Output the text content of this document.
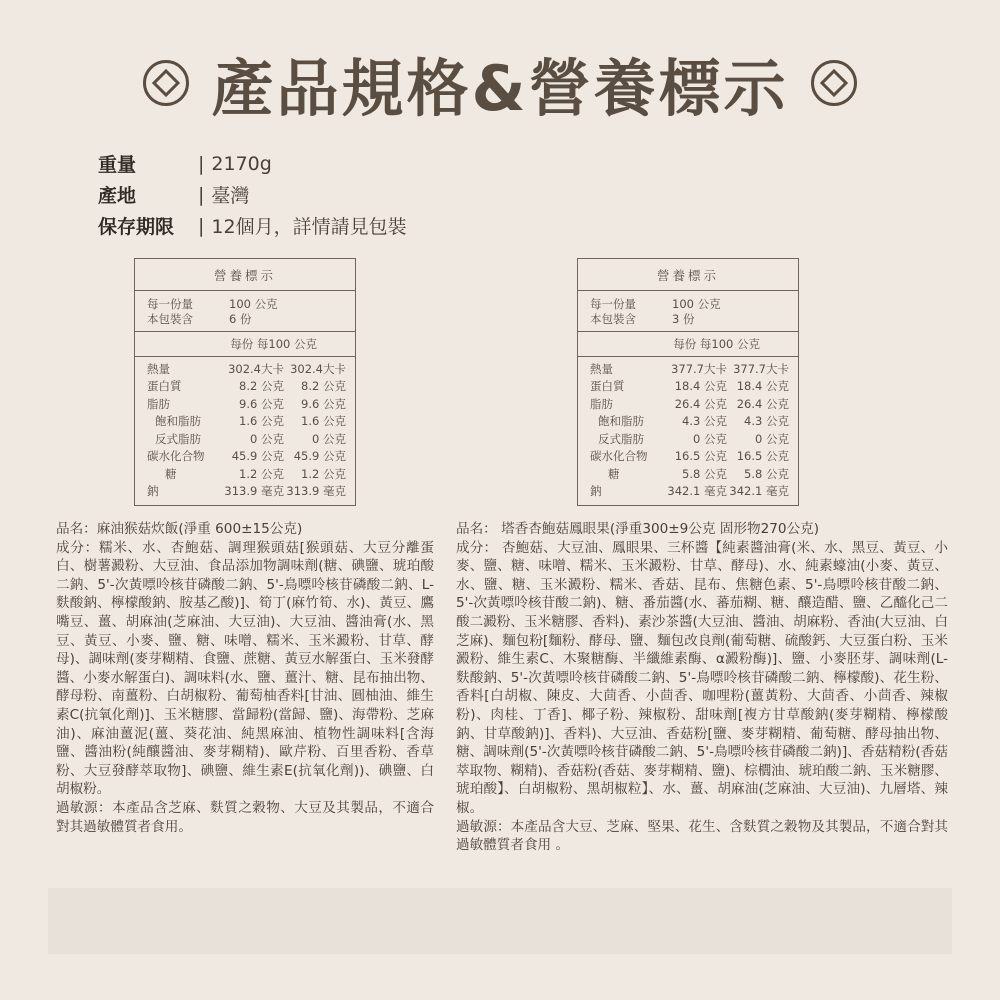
產品規格&營養標示
重量	| 2170g
產地	| 臺灣
保存期限	| 12個月，詳情請見包裝
營養標示
每一份量	100 公克
本包裝含	6 份
每份 每100 公克
熱量	302.4大卡 302.4大卡
蛋白質	8.2 公克	8.2 公克
脂肪	9.6 公克	9.6 公克
飽和脂肪	1.6 公克	1.6 公克
反式脂肪	0 公克	0 公克
碳水化合物	45.9 公克 45.9 公克
糖	1.2 公克	1.2 公克
鈉	313.9 毫克 313.9 毫克
營養標示
每一份量	100 公克
本包裝含	3 份
每份 每100 公克
熱量	377.7大卡 377.7大卡
蛋白質	18.4 公克 18.4 公克
脂肪	26.4 公克 26.4 公克
飽和脂肪	4.3 公克	4.3 公克
反式脂肪	0 公克	0 公克
碳水化合物	16.5 公克 16.5 公克
糖	5.8 公克	5.8 公克
鈉	342.1 毫克 342.1 毫克

品名：麻油猴菇炊飯(淨重 600±15公克)

成分：糯米、水、杏鮑菇、調理猴頭菇[猴頭菇、大豆分離蛋白、樹薯澱粉、大豆油、食品添加物調味劑(糖、碘鹽、琥珀酸二鈉、5'-次黃嘌呤核苷磷酸二鈉、5'-鳥嘌呤核苷磷酸二鈉、L-麩酸鈉、檸檬酸鈉、胺基乙酸)]、筍丁(麻竹筍、水)、黃豆、鷹嘴豆、薑、胡麻油(芝麻油、大豆油)、大豆油、醬油膏(水、黑豆、黃豆、小麥、鹽、糖、味噌、糯米、玉米澱粉、甘草、酵母)、調味劑(麥芽糊精、食鹽、蔗糖、黃豆水解蛋白、玉米發酵醬、小麥水解蛋白)、調味料(水、鹽、薑汁、糖、昆布抽出物、酵母粉、南薑粉、白胡椒粉、葡萄柚香料[甘油、圓柚油、維生素C(抗氧化劑)]、玉米糖膠、當歸粉(當歸、鹽)、海帶粉、芝麻油)、麻油薑泥(薑、葵花油、純黑麻油、植物性調味料[含海鹽、醬油粉(純釀醬油、麥芽糊精)、歐芹粉、百里香粉、香草粉、大豆發酵萃取物]、碘鹽、維生素E(抗氧化劑))、碘鹽、白胡椒粉。

過敏源：本產品含芝麻、麩質之穀物、大豆及其製品，不適合對其過敏體質者食用。

品名： 塔香杏鮑菇鳳眼果(淨重300±9公克 固形物270公克)

成分： 杏鮑菇、大豆油、鳳眼果、三杯醬【純素醬油膏(米、水、黑豆、黃豆、小麥、鹽、糖、味噌、糯米、玉米澱粉、甘草、酵母)、水、純素蠔油(小麥、黃豆、水、鹽、糖、玉米澱粉、糯米、香菇、昆布、焦糖色素、5'-鳥嘌呤核苷酸二鈉、5'-次黃嘌呤核苷酸二鈉)、糖、番茄醬(水、蕃茄糊、糖、釀造醋、鹽、乙醯化己二酸二澱粉、玉米糖膠、香料)、素沙茶醬(大豆油、醬油、胡麻粉、香油(大豆油、白芝麻)、麵包粉[麵粉、酵母、鹽、麵包改良劑(葡萄糖、硫酸鈣、大豆蛋白粉、玉米澱粉、維生素C、木聚糖酶、半纖維素酶、α澱粉酶)]、鹽、小麥胚芽、調味劑(L-麩酸鈉、5'-次黃嘌呤核苷磷酸二鈉、5'-鳥嘌呤核苷磷酸二鈉、檸檬酸)、花生粉、香料[白胡椒、陳皮、大茴香、小茴香、咖哩粉(薑黃粉、大茴香、小茴香、辣椒粉)、肉桂、丁香]、椰子粉、辣椒粉、甜味劑[複方甘草酸鈉(麥芽糊精、檸檬酸鈉、甘草酸鈉)]、香料)、大豆油、香菇粉[鹽、麥芽糊精、葡萄糖、酵母抽出物、糖、調味劑(5'-次黃嘌呤核苷磷酸二鈉、5'-鳥嘌呤核苷磷酸二鈉)]、香菇精粉(香菇萃取物、糊精)、香菇粉(香菇、麥芽糊精、鹽)、棕櫚油、琥珀酸二鈉、玉米糖膠、琥珀酸】、白胡椒粉、黑胡椒粒】、水、薑、胡麻油(芝麻油、大豆油)、九層塔、辣椒。

過敏源：本產品含大豆、芝麻、堅果、花生、含麩質之穀物及其製品，不適合對其過敏體質者食用 。
